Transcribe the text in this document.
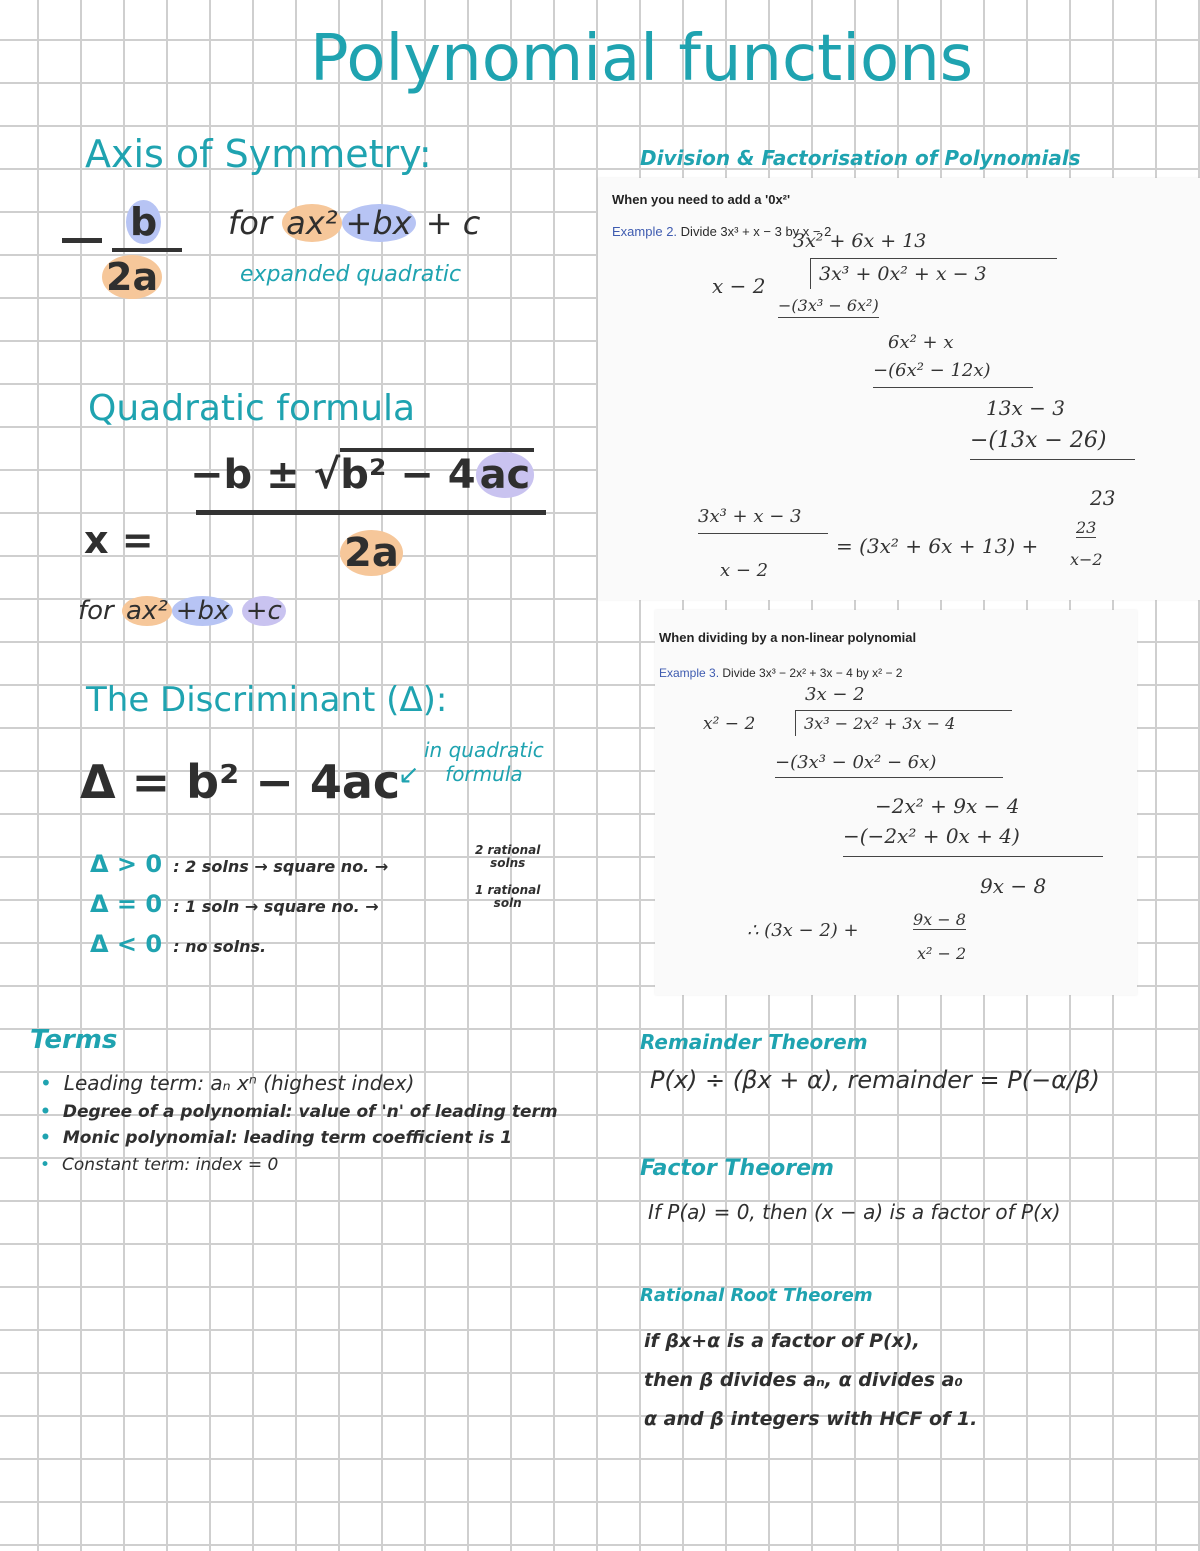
Polynomial functions
Axis of Symmetry:
b
2a
for ax² +bx + c
expanded quadratic
Quadratic formula
x =
−b ± √b² − 4 ac
2a
for ax² +bx +c
The Discriminant (Δ):
Δ = b² − 4ac
↙
in quadratic
formula
Δ > 0 : 2 solns → square no. →
2 rational
solns
Δ = 0 : 1 soln → square no. →
1 rational
soln
Δ < 0 : no solns.
Terms
• Leading term: aₙ xⁿ (highest index)
• Degree of a polynomial: value of 'n' of leading term
• Monic polynomial: leading term coefficient is 1
• Constant term: index = 0
Division & Factorisation of Polynomials
When you need to add a '0x²'
Example 2. Divide 3x³ + x − 3 by x − 2
3x² + 6x + 13
x − 2	3x³ + 0x² + x − 3
−(3x³ − 6x²)
6x² + x
−(6x² − 12x)
13x − 3
−(13x − 26)
23
3x³ + x − 3
x − 2
= (3x² + 6x + 13) +
23
x−2
When dividing by a non-linear polynomial
Example 3. Divide 3x³ − 2x² + 3x − 4 by x² − 2
3x − 2
x² − 2	3x³ − 2x² + 3x − 4
−(3x³ − 0x² − 6x)
−2x² + 9x − 4
−(−2x² + 0x + 4)
9x − 8
∴ (3x − 2) +
9x − 8
x² − 2
Remainder Theorem
P(x) ÷ (βx + α), remainder = P(−α/β)
Factor Theorem
If P(a) = 0, then (x − a) is a factor of P(x)
Rational Root Theorem
if βx+α is a factor of P(x),
then β divides aₙ, α divides a₀
α and β integers with HCF of 1.
